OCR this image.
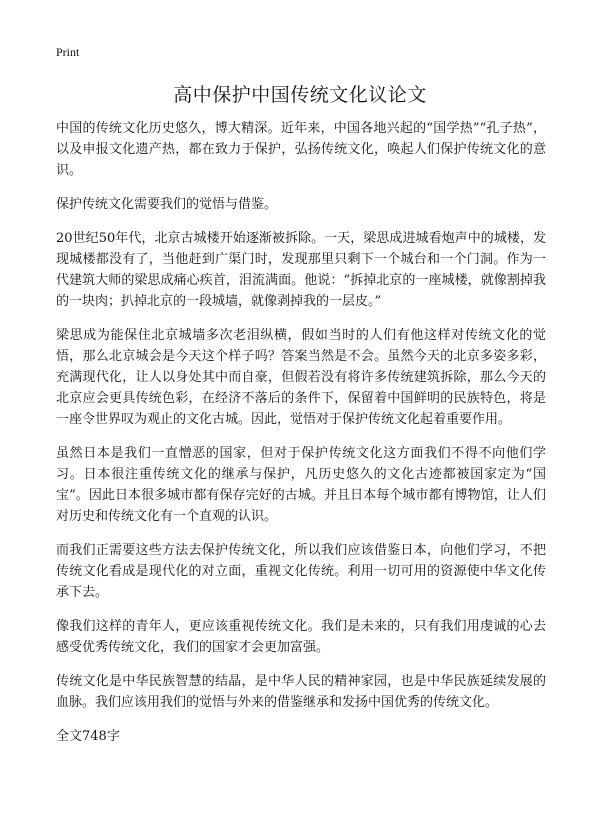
Print
高中保护中国传统文化议论文

中国的传统文化历史悠久，博大精深。近年来，中国各地兴起的“国学热”“孔子热”，以及申报文化遗产热，都在致力于保护，弘扬传统文化，唤起人们保护传统文化的意识。

保护传统文化需要我们的觉悟与借鉴。

20世纪50年代，北京古城楼开始逐渐被拆除。一天，梁思成进城看炮声中的城楼，发现城楼都没有了，当他赶到广渠门时，发现那里只剩下一个城台和一个门洞。作为一代建筑大师的梁思成痛心疾首，泪流满面。他说：“拆掉北京的一座城楼，就像割掉我的一块肉；扒掉北京的一段城墙，就像剥掉我的一层皮。”

梁思成为能保住北京城墙多次老泪纵横，假如当时的人们有他这样对传统文化的觉悟，那么北京城会是今天这个样子吗？答案当然是不会。虽然今天的北京多姿多彩，充满现代化，让人以身处其中而自豪，但假若没有将许多传统建筑拆除，那么今天的北京应会更具传统色彩，在经济不落后的条件下，保留着中国鲜明的民族特色，将是一座令世界叹为观止的文化古城。因此，觉悟对于保护传统文化起着重要作用。

虽然日本是我们一直憎恶的国家，但对于保护传统文化这方面我们不得不向他们学习。日本很注重传统文化的继承与保护，凡历史悠久的文化古迹都被国家定为“国宝”。因此日本很多城市都有保存完好的古城。并且日本每个城市都有博物馆，让人们对历史和传统文化有一个直观的认识。

而我们正需要这些方法去保护传统文化，所以我们应该借鉴日本，向他们学习，不把传统文化看成是现代化的对立面，重视文化传统。利用一切可用的资源使中华文化传承下去。

像我们这样的青年人，更应该重视传统文化。我们是未来的，只有我们用虔诚的心去感受优秀传统文化，我们的国家才会更加富强。

传统文化是中华民族智慧的结晶，是中华人民的精神家园，也是中华民族延续发展的血脉。我们应该用我们的觉悟与外来的借鉴继承和发扬中国优秀的传统文化。

全文748字
